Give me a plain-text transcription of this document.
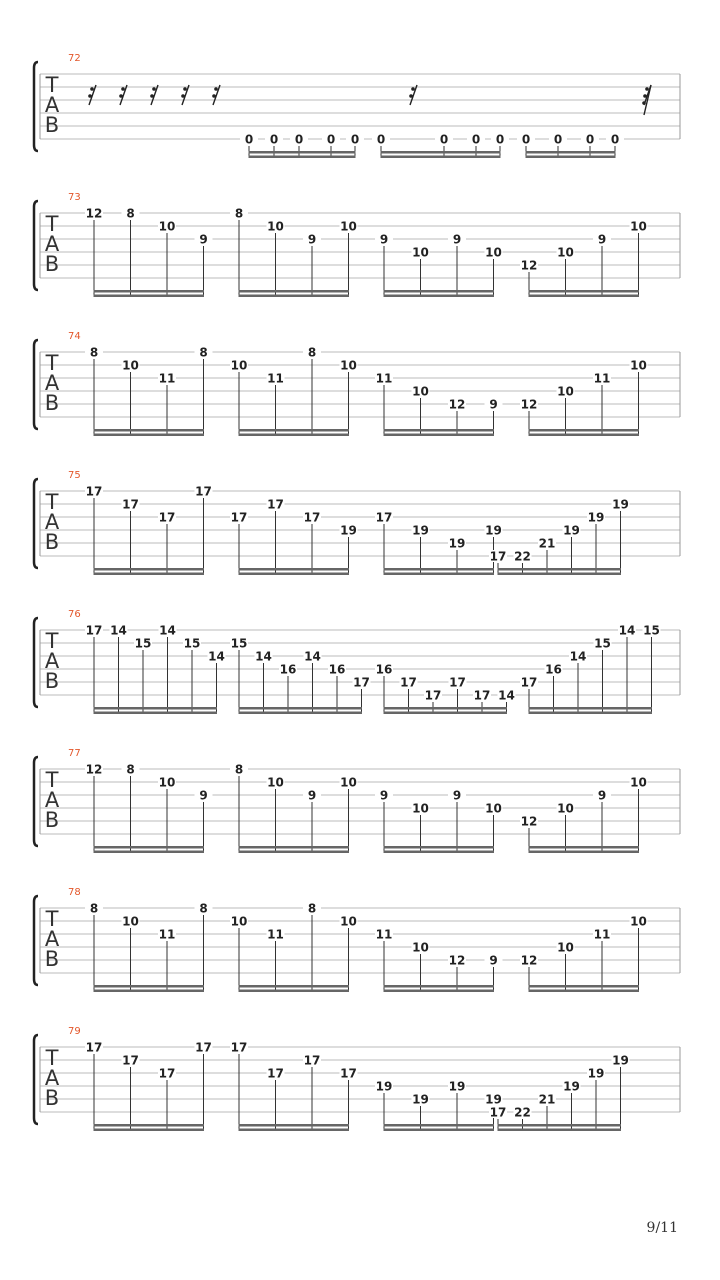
72
T
A
B
0 0 0 0 0 0	0 0 0 0 0 0 0
73
T
A
B
12 8
10
9
8
10
9
10
9
10
9
10
12
10
9
10
74
T
A
B
8
10
11
8
10
11
8
10
11
10
12 9 12
10
11
10
75
T
A
B
17
17
17
17
17
17
17
19
17
19
19
19
17 22
21
19
19
19
76
T
A
B
17 14
15
14
15
14
15
14
16
14
16
17
16
17
17
17
17 14
17
16
14
15
14 15
77
T
A
B
12 8
10
9
8
10
9
10
9
10
9
10
12
10
9
10
78
T
A
B
8
10
11
8
10
11
8
10
11
10
12 9 12
10
11
10
79
T
A
B
17
17
17
17 17
17
17
17
19
19
19
19
17 22
21
19
19
19
9/11
